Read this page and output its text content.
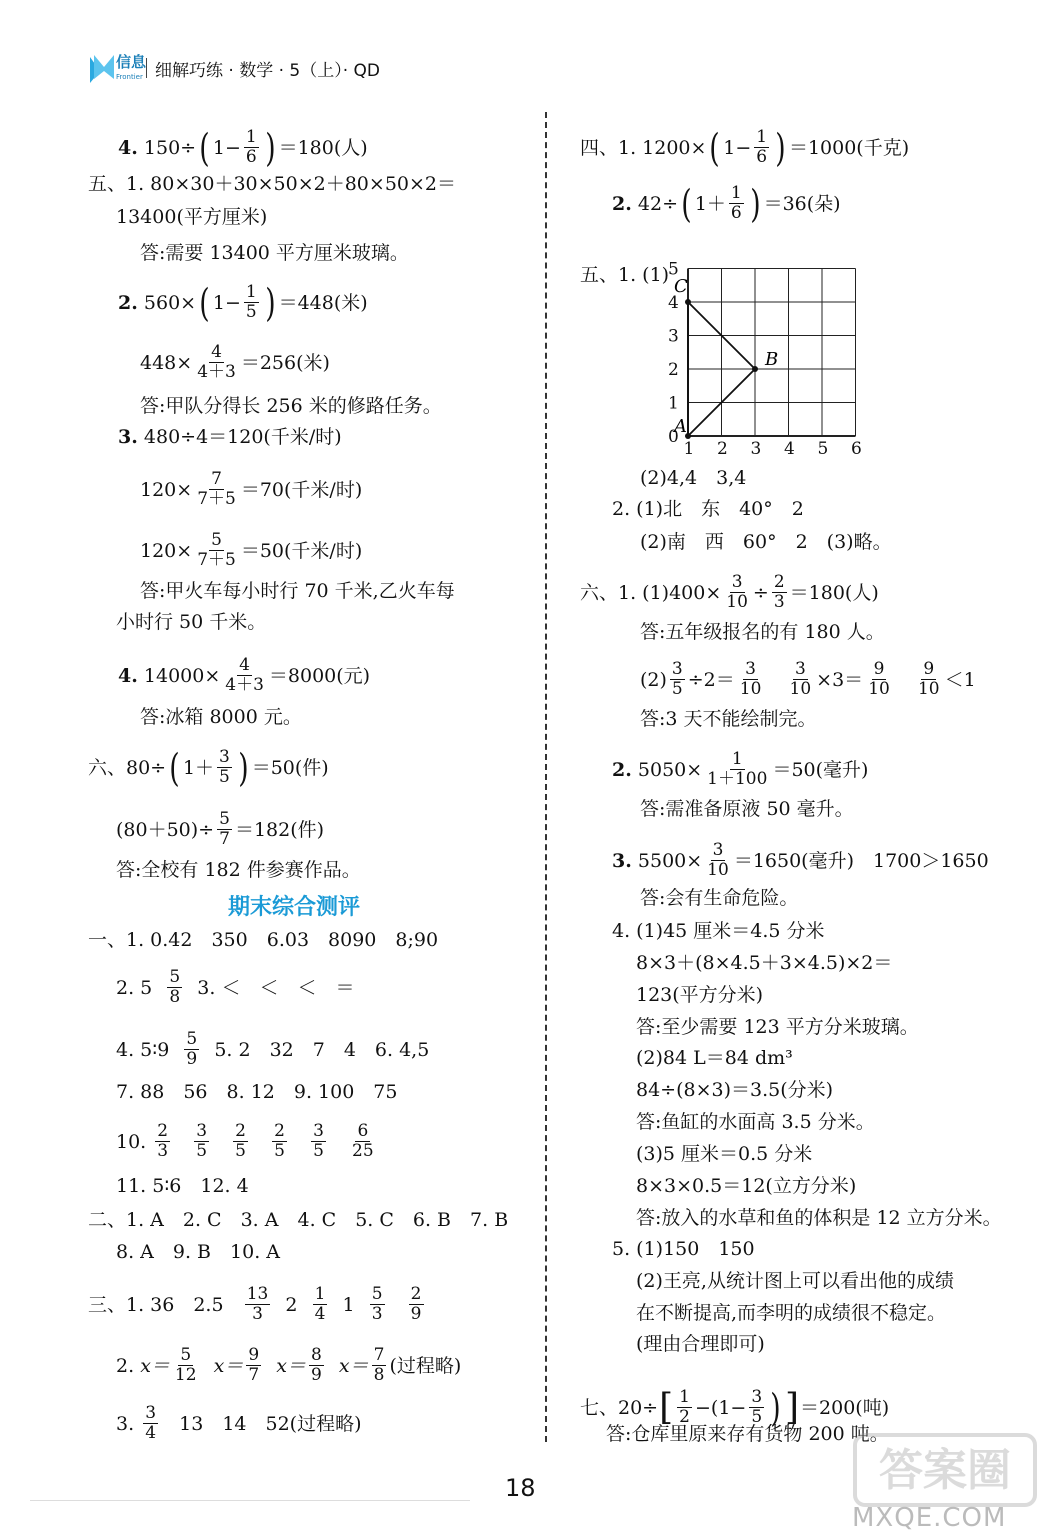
信息
Frontier 细解巧练 · 数学 · 5（上）· QD
4.
150÷ ( $1- \frac{1}{6}$ ) ＝180(人)
五、1. 80×30＋30×50×2＋80×50×2＝
13400(平方厘米)
答:需要 13400 平方厘米玻璃。
2.
560× ( $1- \frac{1}{5}$ ) ＝448(米)
$448\times \frac{4}{4+3} =256$(米)
答:甲队分得长 256 米的修路任务。
3.
480÷4＝120(千米/时)
$120\times \frac{7}{7+5} =70$(千米/时)
$120\times \frac{5}{7+5} =50$(千米/时)
答:甲火车每小时行 70 千米,乙火车每
小时行 50 千米。
4.
$14000\times \frac{4}{4+3} =8000$(元)
答:冰箱 8000 元。
六、80÷ ( $1+ \frac{3}{5}$ ) ＝50(件)
$(80+50)\div \frac{5}{7} =182$(件)
答:全校有 182 件参赛作品。
期末综合测评
一、1. 0.42　350　6.03　8090　8;90
2. 5
$\frac{5}{8}$
3. ＜　＜　＜　＝
4. 5∶9
$\frac{5}{9}$
5. 2　32　7　4　6. 4,5
7. 88　56　8. 12　9. 100　75
10.
$\frac{2}{3}$
$\frac{3}{5}$
$\frac{2}{5}$
$\frac{2}{5}$
$\frac{3}{5}$
$\frac{6}{25}$
11. 5∶6　12. 4
二、1. A　2. C　3. A　4. C　5. C　6. B　7. B
8. A　9. B　10. A
三、1. 36　2.5
$\frac{13}{3}$
2
$\frac{1}{4}$
1
$\frac{5}{3}$
$\frac{2}{9}$
2.
$x= \frac{5}{12}$
$x= \frac{9}{7}$
$x= \frac{8}{9}$
$x= \frac{7}{8}$ (过程略)
3.
$\frac{3}{4}$
13　14　52(过程略)
四、1. 1200× ( $1- \frac{1}{6}$ ) ＝1000(千克)
2.
42÷ ( $1+ \frac{1}{6}$ ) ＝36(朵)
五、1. (1)
0
1
2
3
4
5
1 2 3 4 5 6
C
B
A
(2)4,4　3,4
2. (1)北　东　40°　2
(2)南　西　60°　2　(3)略。
六、1. $(1)400\times \frac{3}{10} \div \frac{2}{3} =180$(人)
答:五年级报名的有 180 人。
$(2) \frac{3}{5} \div 2= \frac{3}{10}$
$\frac{3}{10} \times 3= \frac{9}{10}$
$\frac{9}{10} <1$
答:3 天不能绘制完。
2.
$5050\times \frac{1}{1+100} =50$(毫升)
答:需准备原液 50 毫升。
3.
$5500\times \frac{3}{10} =1650$(毫升)　1700＞1650
答:会有生命危险。
4. (1)45 厘米＝4.5 分米
8×3＋(8×4.5＋3×4.5)×2＝
123(平方分米)
答:至少需要 123 平方分米玻璃。
(2)84 L＝84 dm³
84÷(8×3)＝3.5(分米)
答:鱼缸的水面高 3.5 分米。
(3)5 厘米＝0.5 分米
8×3×0.5＝12(立方分米)
答:放入的水草和鱼的体积是 12 立方分米。
5. (1)150　150
(2)王亮,从统计图上可以看出他的成绩
在不断提高,而李明的成绩很不稳定。
(理由合理即可)
七、20÷ [ $\frac{1}{2} -(1- \frac{3}{5}$ ) ] ＝200(吨)
答:仓库里原来存有货物 200 吨。
18	答案圈
MXQE.COM
